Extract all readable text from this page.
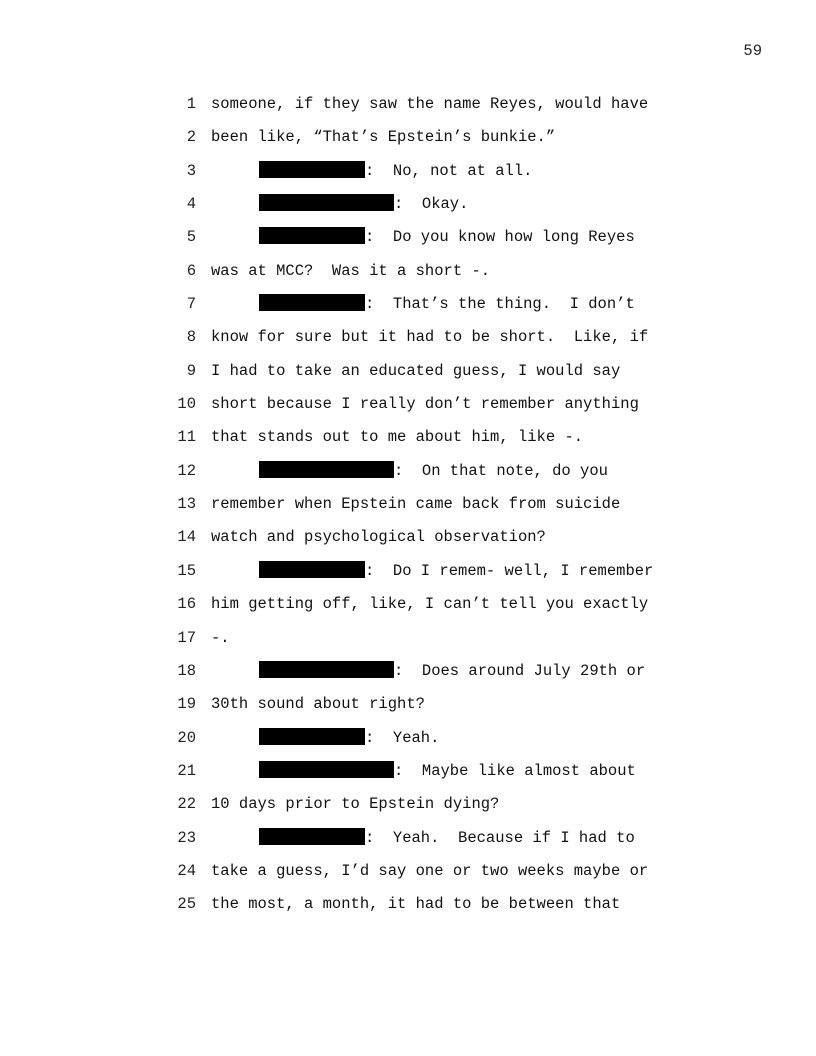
59
1 someone, if they saw the name Reyes, would have
2 been like, “That’s Epstein’s bunkie.”
3	:  No, not at all.
4	:  Okay.
5	:  Do you know how long Reyes
6 was at MCC?  Was it a short -.
7	:  That’s the thing.  I don’t
8 know for sure but it had to be short.  Like, if
9 I had to take an educated guess, I would say
10 short because I really don’t remember anything
11 that stands out to me about him, like -.
12	:  On that note, do you
13 remember when Epstein came back from suicide
14 watch and psychological observation?
15	:  Do I remem- well, I remember
16 him getting off, like, I can’t tell you exactly
17 -.
18	:  Does around July 29th or
19 30th sound about right?
20	:  Yeah.
21	:  Maybe like almost about
22 10 days prior to Epstein dying?
23	:  Yeah.  Because if I had to
24 take a guess, I’d say one or two weeks maybe or
25 the most, a month, it had to be between that
